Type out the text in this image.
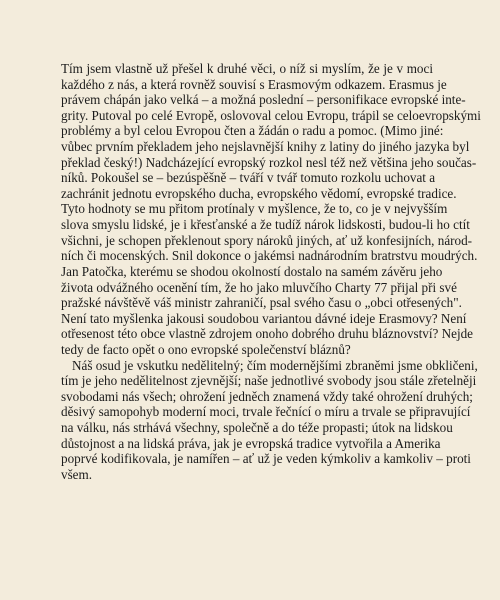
Tím jsem vlastně už přešel k druhé věci, o níž si myslím, že je v moci
každého z nás, a která rovněž souvisí s Erasmovým odkazem. Erasmus je
právem chápán jako velká – a možná poslední – personifikace evropské inte-
grity. Putoval po celé Evropě, oslovoval celou Evropu, trápil se celoevropskými
problémy a byl celou Evropou čten a žádán o radu a pomoc. (Mimo jiné:
vůbec prvním překladem jeho nejslavnější knihy z latiny do jiného jazyka byl
překlad český!) Nadcházející evropský rozkol nesl též než většina jeho součas-
níků. Pokoušel se – bezúspěšně – tváří v tvář tomuto rozkolu uchovat a
zachránit jednotu evropského ducha, evropského vědomí, evropské tradice.
Tyto hodnoty se mu přitom protínaly v myšlence, že to, co je v nejvyšším
slova smyslu lidské, je i křesťanské a že tudíž nárok lidskosti, budou-li ho ctít
všichni, je schopen překlenout spory nároků jiných, ať už konfesijních, národ-
ních či mocenských. Snil dokonce o jakémsi nadnárodním bratrstvu moudrých.
Jan Patočka, kterému se shodou okolností dostalo na samém závěru jeho
života odvážného ocenění tím, že ho jako mluvčího Charty 77 přijal při své
pražské návštěvě váš ministr zahraničí, psal svého času o „obci otřesených".
Není tato myšlenka jakousi soudobou variantou dávné ideje Erasmovy? Není
otřesenost této obce vlastně zdrojem onoho dobrého druhu bláznovství? Nejde
tedy de facto opět o ono evropské společenství bláznů?
Náš osud je vskutku nedělitelný; čím modernějšími zbraněmi jsme obkličeni,
tím je jeho nedělitelnost zjevnější; naše jednotlivé svobody jsou stále zřetelněji
svobodami nás všech; ohrožení jedněch znamená vždy také ohrožení druhých;
děsivý samopohyb moderní moci, trvale řečnící o míru a trvale se připravující
na válku, nás strhává všechny, společně a do téže propasti; útok na lidskou
důstojnost a na lidská práva, jak je evropská tradice vytvořila a Amerika
poprvé kodifikovala, je namířen – ať už je veden kýmkoliv a kamkoliv – proti
všem.
